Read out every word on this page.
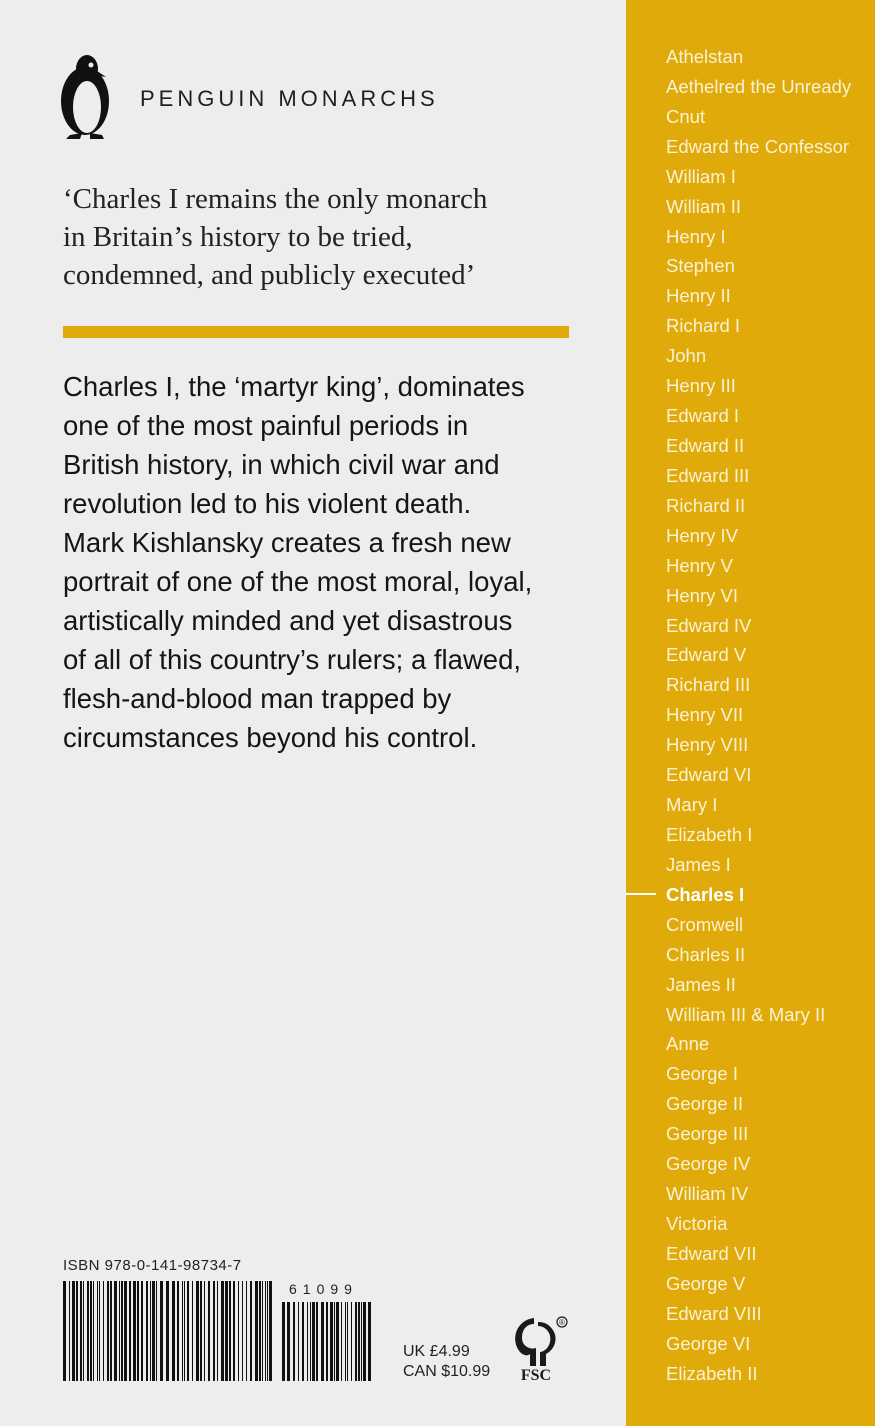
PENGUIN MONARCHS
‘Charles I remains the only monarch
in Britain’s history to be tried,
condemned, and publicly executed’
Charles I, the ‘martyr king’, dominates
one of the most painful periods in
British history, in which civil war and
revolution led to his violent death.
Mark Kishlansky creates a fresh new
portrait of one of the most moral, loyal,
artistically minded and yet disastrous
of all of this country’s rulers; a flawed,
flesh-and-blood man trapped by
circumstances beyond his control.
ISBN 978-0-141-98734-7
61099
UK £4.99
CAN $10.99
®
FSC
Athelstan
Aethelred the Unready
Cnut
Edward the Confessor
William I
William II
Henry I
Stephen
Henry II
Richard I
John
Henry III
Edward I
Edward II
Edward III
Richard II
Henry IV
Henry V
Henry VI
Edward IV
Edward V
Richard III
Henry VII
Henry VIII
Edward VI
Mary I
Elizabeth I
James I
Charles I
Cromwell
Charles II
James II
William III & Mary II
Anne
George I
George II
George III
George IV
William IV
Victoria
Edward VII
George V
Edward VIII
George VI
Elizabeth II
